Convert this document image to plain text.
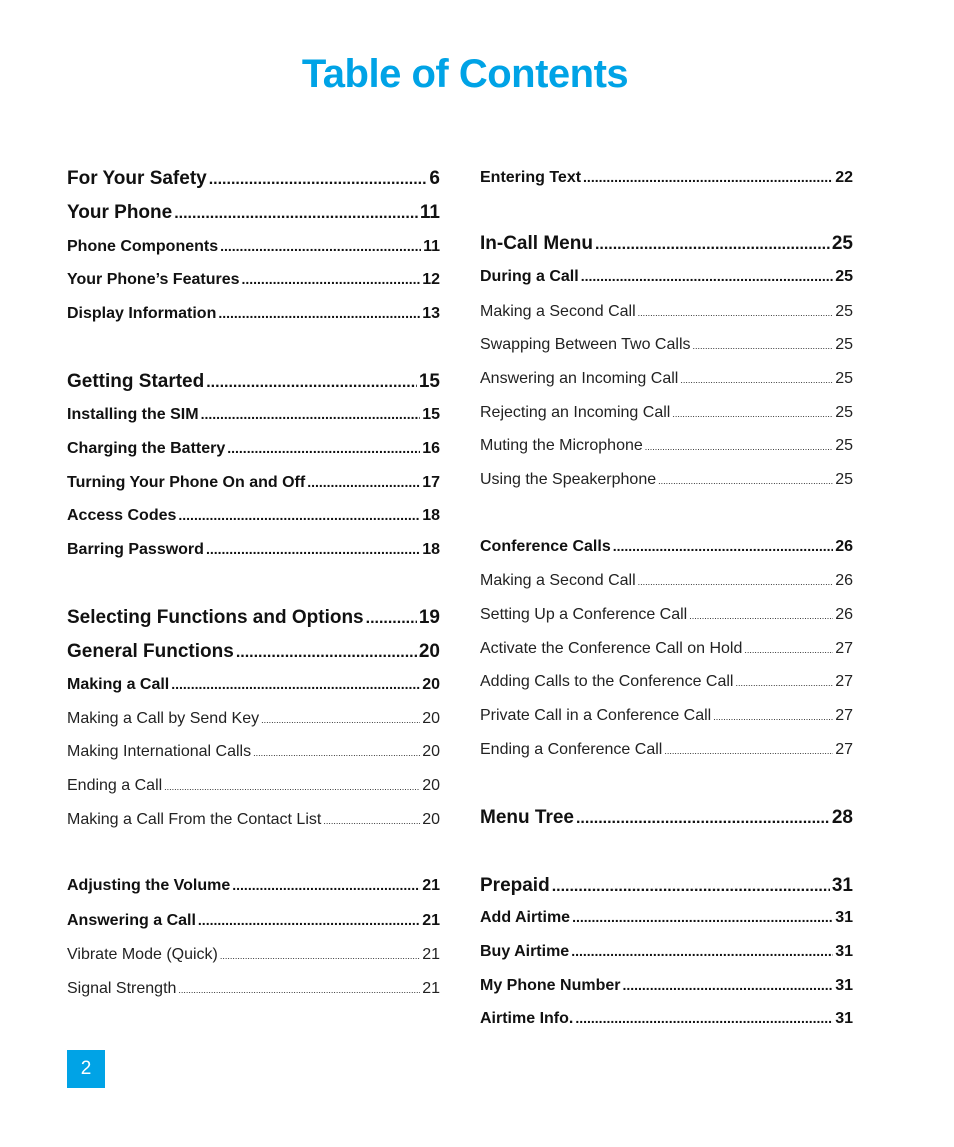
Table of Contents
For Your Safety .....	6
Your Phone .....	11
Phone Components .....	11
Your Phone’s Features .....	12
Display Information .....	13
Getting Started .....	15
Installing the SIM .....	15
Charging the Battery .....	16
Turning Your Phone On and Off .....	17
Access Codes .....	18
Barring Password .....	18
Selecting Functions and Options .....	19
General Functions .....	20
Making a Call .....	20
Making a Call by Send Key .....	20
Making International Calls .....	20
Ending a Call .....	20
Making a Call From the Contact List .....	20
Adjusting the Volume .....	21
Answering a Call .....	21
Vibrate Mode (Quick) .....	21
Signal Strength .....	21
Entering Text .....	22
In-Call Menu .....	25
During a Call .....	25
Making a Second Call .....	25
Swapping Between Two Calls .....	25
Answering an Incoming Call .....	25
Rejecting an Incoming Call .....	25
Muting the Microphone .....	25
Using the Speakerphone .....	25
Conference Calls .....	26
Making a Second Call .....	26
Setting Up a Conference Call .....	26
Activate the Conference Call on Hold .....	27
Adding Calls to the Conference Call .....	27
Private Call in a Conference Call .....	27
Ending a Conference Call .....	27
Menu Tree .....	28
Prepaid .....	31
Add Airtime .....	31
Buy Airtime .....	31
My Phone Number .....	31
Airtime Info. .....	31
2
